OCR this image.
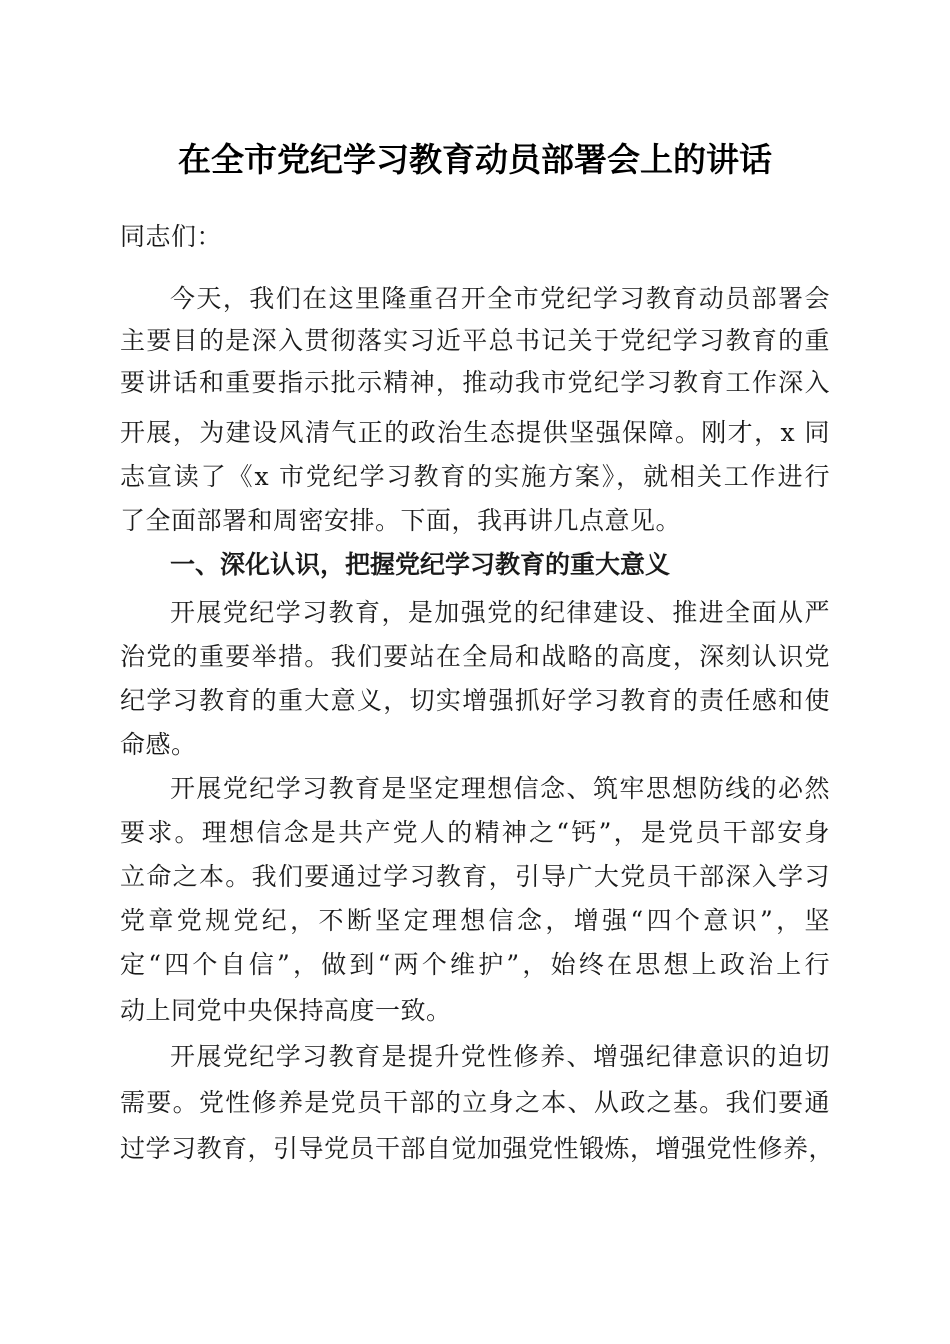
在全市党纪学习教育动员部署会上的讲话
同志们：
今天，我们在这里隆重召开全市党纪学习教育动员部署会
主要目的是深入贯彻落实习近平总书记关于党纪学习教育的重
要讲话和重要指示批示精神，推动我市党纪学习教育工作深入
开展，为建设风清气正的政治生态提供坚强保障。刚才，x 同
志宣读了《x 市党纪学习教育的实施方案》，就相关工作进行
了全面部署和周密安排。下面，我再讲几点意见。
一、深化认识，把握党纪学习教育的重大意义
开展党纪学习教育，是加强党的纪律建设、推进全面从严
治党的重要举措。我们要站在全局和战略的高度，深刻认识党
纪学习教育的重大意义，切实增强抓好学习教育的责任感和使
命感。
开展党纪学习教育是坚定理想信念、筑牢思想防线的必然
要求。理想信念是共产党人的精神之“钙”，是党员干部安身
立命之本。我们要通过学习教育，引导广大党员干部深入学习
党章党规党纪，不断坚定理想信念，增强“四个意识”，坚
定“四个自信”，做到“两个维护”，始终在思想上政治上行
动上同党中央保持高度一致。
开展党纪学习教育是提升党性修养、增强纪律意识的迫切
需要。党性修养是党员干部的立身之本、从政之基。我们要通
过学习教育，引导党员干部自觉加强党性锻炼，增强党性修养，
